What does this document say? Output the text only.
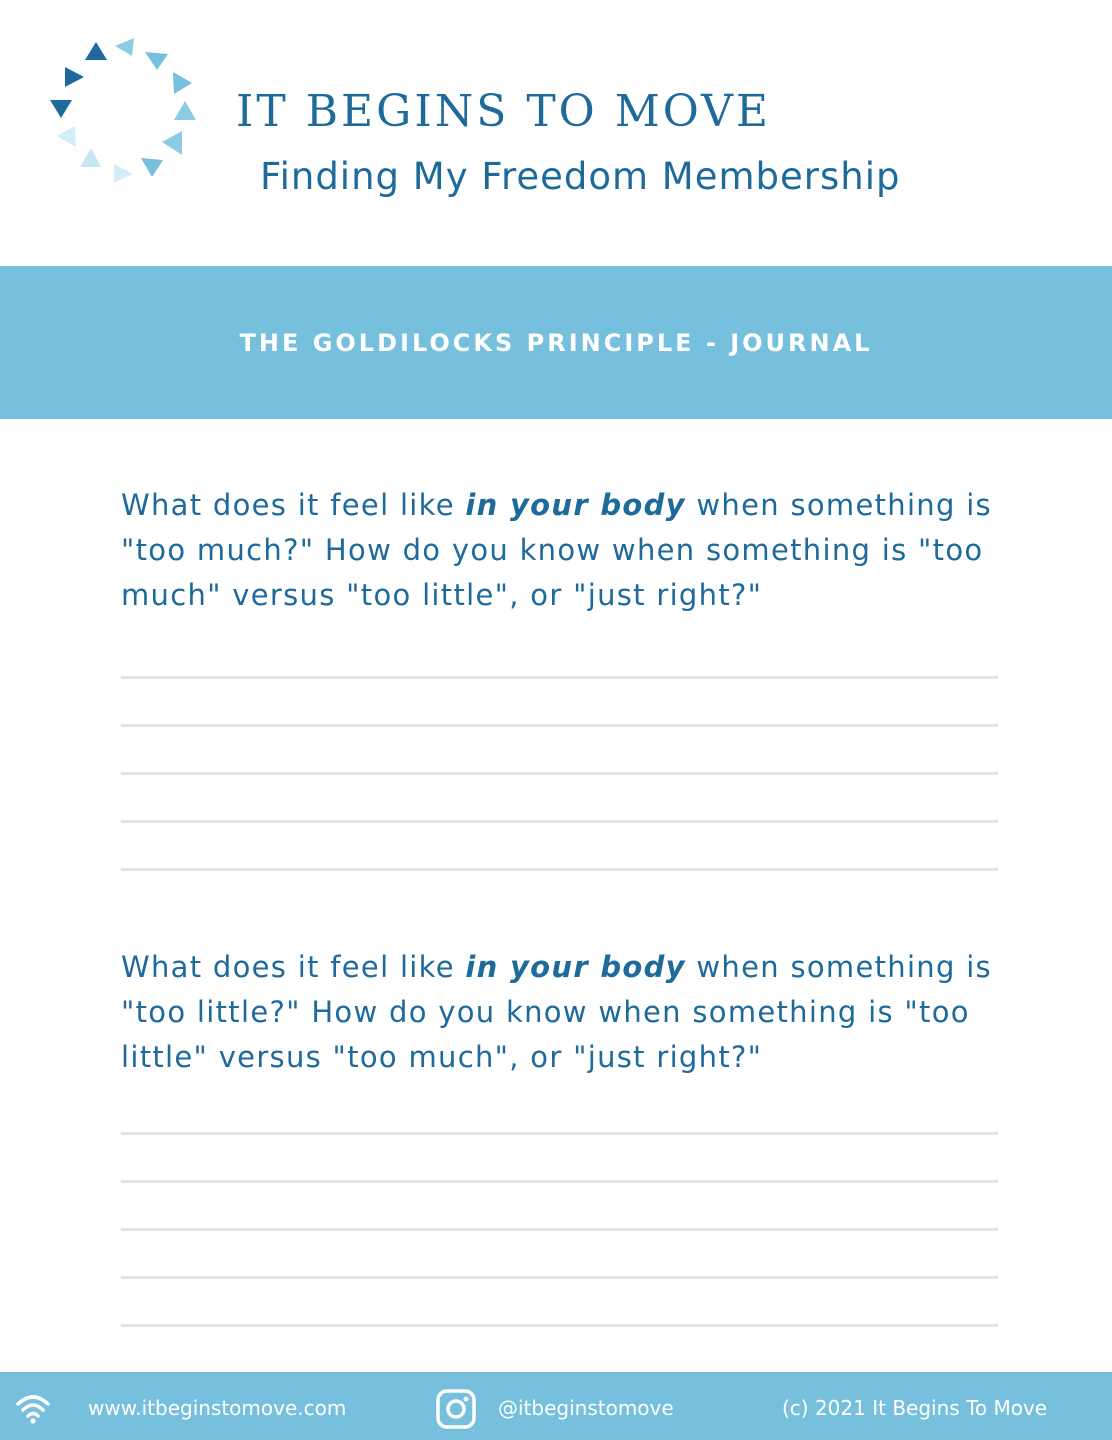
IT BEGINS TO MOVE
Finding My Freedom Membership
THE GOLDILOCKS PRINCIPLE - JOURNAL
What does it feel like in your body when something is "too much?" How do you know when something is "too much" versus "too little", or "just right?"
What does it feel like in your body when something is "too little?" How do you know when something is "too little" versus "too much", or "just right?"
www.itbeginstomove.com	@itbeginstomove	(c) 2021 It Begins To Move
